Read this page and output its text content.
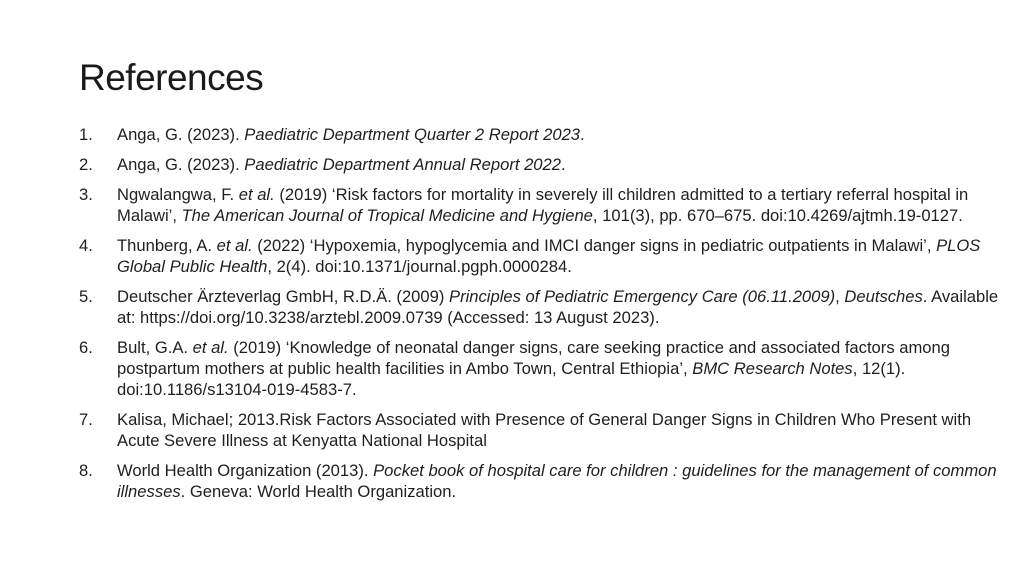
References
1. Anga, G. (2023). Paediatric Department Quarter 2 Report 2023.
2. Anga, G. (2023). Paediatric Department Annual Report 2022.
3. Ngwalangwa, F. et al. (2019) ‘Risk factors for mortality in severely ill children admitted to a tertiary referral hospital in Malawi’, The American Journal of Tropical Medicine and Hygiene, 101(3), pp. 670–675. doi:10.4269/ajtmh.19-0127.
4. Thunberg, A. et al. (2022) ‘Hypoxemia, hypoglycemia and IMCI danger signs in pediatric outpatients in Malawi’, PLOS Global Public Health, 2(4). doi:10.1371/journal.pgph.0000284.
5. Deutscher Ärzteverlag GmbH, R.D.Ä. (2009) Principles of Pediatric Emergency Care (06.11.2009), Deutsches. Available at: https://doi.org/10.3238/arztebl.2009.0739 (Accessed: 13 August 2023).
6. Bult, G.A. et al. (2019) ‘Knowledge of neonatal danger signs, care seeking practice and associated factors among postpartum mothers at public health facilities in Ambo Town, Central Ethiopia’, BMC Research Notes, 12(1). doi:10.1186/s13104-019-4583-7.
7. Kalisa, Michael; 2013.Risk Factors Associated with Presence of General Danger Signs in Children Who Present with Acute Severe Illness at Kenyatta National Hospital
8. World Health Organization (2013). Pocket book of hospital care for children : guidelines for the management of common illnesses. Geneva: World Health Organization.
